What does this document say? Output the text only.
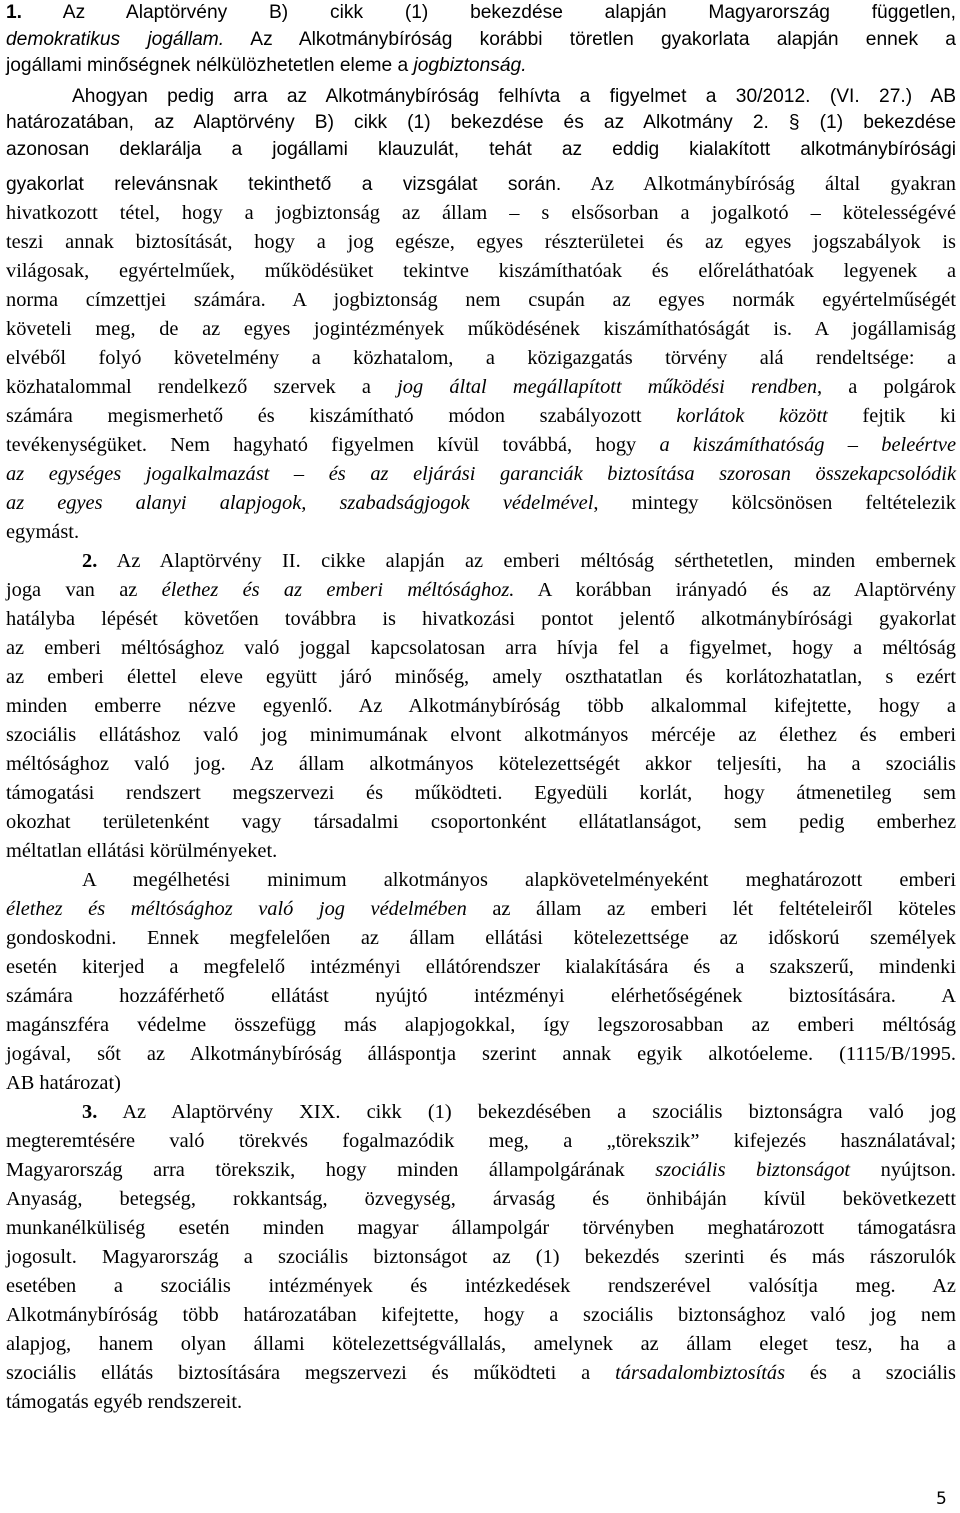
1. Az Alaptörvény B) cikk (1) bekezdése alapján Magyarország független,
demokratikus jogállam. Az Alkotmánybíróság korábbi töretlen gyakorlata alapján ennek a
jogállami minőségnek nélkülözhetetlen eleme a jogbiztonság.
Ahogyan pedig arra az Alkotmánybíróság felhívta a figyelmet a 30/2012. (VI. 27.) AB
határozatában, az Alaptörvény B) cikk (1) bekezdése és az Alkotmány 2. § (1) bekezdése
azonosan deklarálja a jogállami klauzulát, tehát az eddig kialakított alkotmánybírósági
gyakorlat relevánsnak tekinthető a vizsgálat során. Az Alkotmánybíróság által gyakran
hivatkozott tétel, hogy a jogbiztonság az állam – s elsősorban a jogalkotó – kötelességévé
teszi annak biztosítását, hogy a jog egésze, egyes részterületei és az egyes jogszabályok is
világosak, egyértelműek, működésüket tekintve kiszámíthatóak és előreláthatóak legyenek a
norma címzettjei számára. A jogbiztonság nem csupán az egyes normák egyértelműségét
követeli meg, de az egyes jogintézmények működésének kiszámíthatóságát is. A jogállamiság
elvéből folyó követelmény a közhatalom, a közigazgatás törvény alá rendeltsége: a
közhatalommal rendelkező szervek a jog által megállapított működési rendben, a polgárok
számára megismerhető és kiszámítható módon szabályozott korlátok között fejtik ki
tevékenységüket. Nem hagyható figyelmen kívül továbbá, hogy a kiszámíthatóság – beleértve
az egységes jogalkalmazást – és az eljárási garanciák biztosítása szorosan összekapcsolódik
az egyes alanyi alapjogok, szabadságjogok védelmével, mintegy kölcsönösen feltételezik
egymást.
2. Az Alaptörvény II. cikke alapján az emberi méltóság sérthetetlen, minden embernek
joga van az élethez és az emberi méltósághoz. A korábban irányadó és az Alaptörvény
hatályba lépését követően továbbra is hivatkozási pontot jelentő alkotmánybírósági gyakorlat
az emberi méltósághoz való joggal kapcsolatosan arra hívja fel a figyelmet, hogy a méltóság
az emberi élettel eleve együtt járó minőség, amely oszthatatlan és korlátozhatatlan, s ezért
minden emberre nézve egyenlő. Az Alkotmánybíróság több alkalommal kifejtette, hogy a
szociális ellátáshoz való jog minimumának elvont alkotmányos mércéje az élethez és emberi
méltósághoz való jog. Az állam alkotmányos kötelezettségét akkor teljesíti, ha a szociális
támogatási rendszert megszervezi és működteti. Egyedüli korlát, hogy átmenetileg sem
okozhat területenként vagy társadalmi csoportonként ellátatlanságot, sem pedig emberhez
méltatlan ellátási körülményeket.
A megélhetési minimum alkotmányos alapkövetelményeként meghatározott emberi
élethez és méltósághoz való jog védelmében az állam az emberi lét feltételeiről köteles
gondoskodni. Ennek megfelelően az állam ellátási kötelezettsége az időskorú személyek
esetén kiterjed a megfelelő intézményi ellátórendszer kialakítására és a szakszerű, mindenki
számára hozzáférhető ellátást nyújtó intézményi elérhetőségének biztosítására. A
magánszféra védelme összefügg más alapjogokkal, így legszorosabban az emberi méltóság
jogával, sőt az Alkotmánybíróság álláspontja szerint annak egyik alkotóeleme. (1115/B/1995.
AB határozat)
3. Az Alaptörvény XIX. cikk (1) bekezdésében a szociális biztonságra való jog
megteremtésére való törekvés fogalmazódik meg, a „törekszik” kifejezés használatával;
Magyarország arra törekszik, hogy minden állampolgárának szociális biztonságot nyújtson.
Anyaság, betegség, rokkantság, özvegység, árvaság és önhibáján kívül bekövetkezett
munkanélküliség esetén minden magyar állampolgár törvényben meghatározott támogatásra
jogosult. Magyarország a szociális biztonságot az (1) bekezdés szerinti és más rászorulók
esetében a szociális intézmények és intézkedések rendszerével valósítja meg. Az
Alkotmánybíróság több határozatában kifejtette, hogy a szociális biztonsághoz való jog nem
alapjog, hanem olyan állami kötelezettségvállalás, amelynek az állam eleget tesz, ha a
szociális ellátás biztosítására megszervezi és működteti a társadalombiztosítás és a szociális
támogatás egyéb rendszereit.
5
